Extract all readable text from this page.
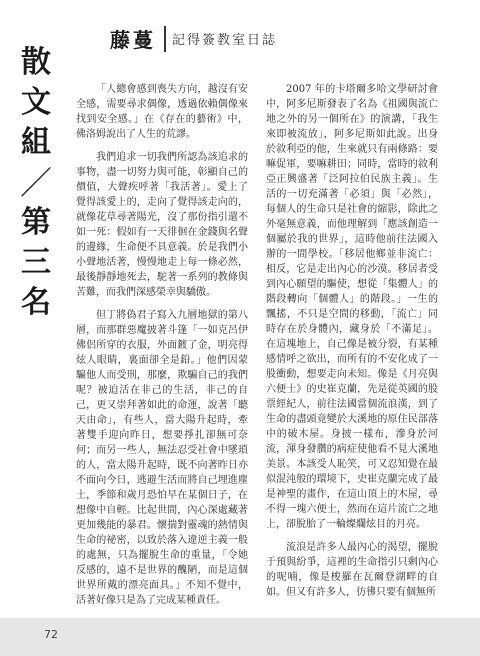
藤蔓 記得簽教室日誌
散
文
組
／
第
三
名

「人總會感到喪失方向，越沒有安全感，需要尋求偶像，透過依賴偶像來找到安全感。」在《存在的藝術》中，佛洛姆說出了人生的荒謬。

我們追求一切我們所認為該追求的事物，盡一切努力與可能，彰顯自己的價值，大聲疾呼著「我活著」。愛上了覺得該愛上的，走向了覺得該走向的，就像花草尋著陽光，沒了那份指引還不如一死：假如有一天徘徊在金錢與名聲的邊緣，生命便不具意義。於是我們小小聲地活著，慢慢地走上每一條必然，最後靜靜地死去，駝著一系列的教條與苦難，而我們深感榮幸與驕傲。

但丁將偽君子寫入九層地獄的第八層，而那群惡魔披著斗篷「一如克呂伊佛侶所穿的衣服，外面鍍了金，明亮得炫人眼睛，裏面卻全是鉛。」他們因蒙騙他人而受刑，那麼，欺騙自己的我們呢？被迫活在非己的生活，非己的自己，更又崇拜著如此的命運，說著「聽天由命」，有些人，當大陽升起時，牽著雙手迎向昨日，想要掙扎卻無可奈何；而另一些人，無法忍受社會中墜瑣的人，當太陽升起時，既不向著昨日亦不面向今日，逃避生活而將自己埋進塵土，季節和歲月恐怕早在某個日子，在想像中自輕。比起世間，內心深處藏著更加幾能的暴君。懷揣對靈魂的熱情與生命的祕密，以致於落入違逆主義一般的處無，只為擺脫生命的重量，「令她反感的，遠不是世界的醜陋，而是這個世界所戴的漂亮面具。」不知不覺中，活著好像只是為了完成某種責任。

2007 年的卡塔爾多哈文學研討會中，阿多尼斯發表了名為《祖國與流亡地之外的另一個所在》的演講，「我生來即被流放」，阿多尼斯如此說。出身於敘利亞的他，生來就只有兩條路：要嘛促軍，要嘛耕田；同時，當時的敘利亞正興盛著「泛阿拉伯民族主義」。生活的一切充滿著「必須」與「必然」，每個人的生命只是社會的縮影，除此之外毫無意義，而他理解到「應該創造一個屬於我的世界」，這時他前往法國入辦的一間學校。「移居他鄉並非流亡：相反，它是走出內心的沙漠。移居者受到內心願望的驅使，想從「集體人」的階段轉向「個體人」的階段。」一生的飄搖，不只是空間的移動，「流亡」同時存在於身體內，藏身於「不滿足」。在這塊地上，自己像是被分裂，有某種感情呼之欲出，而所有的不安化成了一股衝動，想要走向未知。像是《月亮與六便士》的史崔克蘭，先是從英國的股票經紀人，前往法國當個流浪漢，到了生命的盡頭竟變於大溪地的原住民部落中的破木屋。身披一樣布，滲身於河流，渾身發臢的病症使他看不見大溪地美景。本該受人恥笑，可又忍知覺在最似混沌般的環境下，史崔克蘭完成了最是神聖的畫作，在這山頂上的木屋，尋不得一塊六便士，然而在這片流亡之地上，卻脫胎了一輪燦爛炫目的月亮。

流浪是許多人最內心的渴望，擺脫于預與紛爭，這裡的生命指引只剩內心的呢喃，像是梭羅在瓦爾登湖畔的自如。但又有許多人，彷彿只要有個無所

72
